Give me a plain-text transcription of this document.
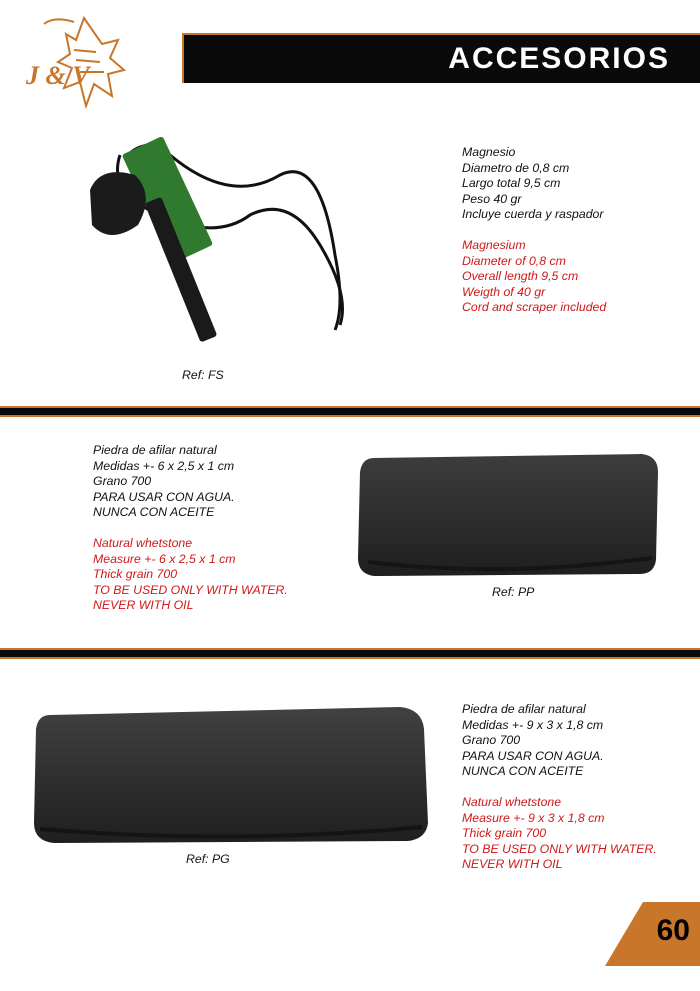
J & V
ACCESORIOS
Magnesio
Diametro de 0,8 cm
Largo total 9,5 cm
Peso 40 gr
Incluye cuerda y raspador
Magnesium
Diameter of 0,8 cm
Overall length 9,5 cm
Weigth of 40 gr
Cord and scraper included
Ref: FS
Piedra de afilar natural
Medidas +- 6 x 2,5 x 1 cm
Grano 700
PARA USAR CON AGUA.
NUNCA CON ACEITE
Natural whetstone
Measure +- 6 x 2,5 x 1 cm
Thick grain 700
TO BE USED ONLY WITH WATER.
NEVER WITH OIL
Ref: PP
Piedra de afilar natural
Medidas +- 9 x 3 x 1,8 cm
Grano 700
PARA USAR CON AGUA.
NUNCA CON ACEITE
Natural whetstone
Measure +- 9 x 3 x 1,8 cm
Thick grain 700
TO BE USED ONLY WITH WATER.
NEVER WITH OIL
Ref: PG
60
